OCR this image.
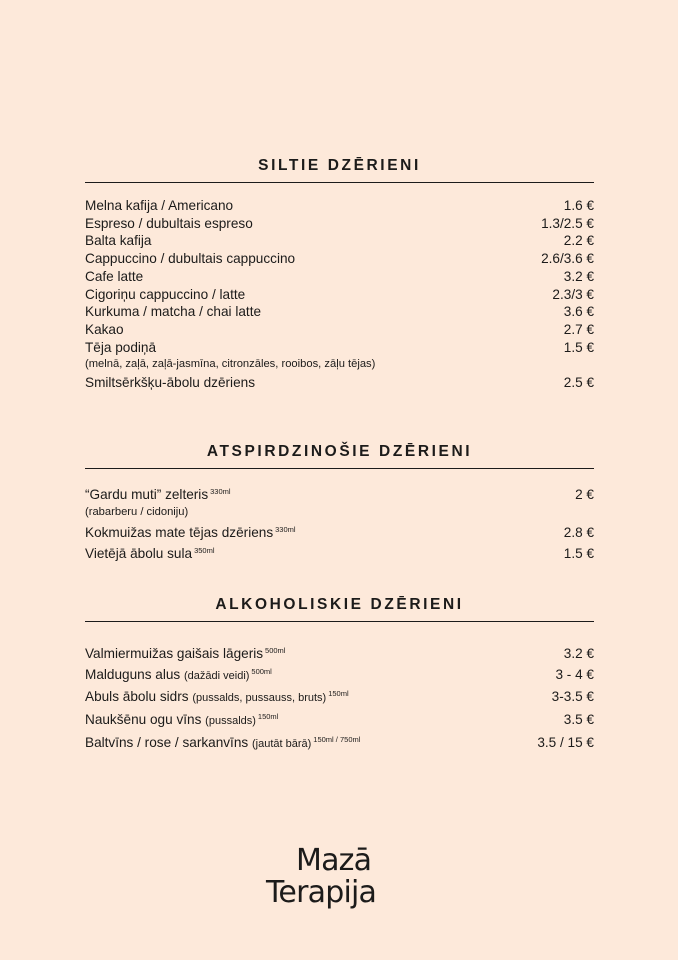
SILTIE DZĒRIENI
Melna kafija / Americano	1.6 €
Espreso / dubultais espreso	1.3/2.5 €
Balta kafija	2.2 €
Cappuccino / dubultais cappuccino	2.6/3.6 €
Cafe latte	3.2 €
Cigoriņu cappuccino / latte	2.3/3 €
Kurkuma / matcha / chai latte	3.6 €
Kakao	2.7 €
Tēja podiņā	1.5 €
(melnā, zaļā, zaļā-jasmīna, citronzāles, rooibos, zāļu tējas)
Smiltsērkšķu-ābolu dzēriens	2.5 €
ATSPIRDZINOŠIE DZĒRIENI
“Gardu muti” zelteris $^{330ml}$	2 €
(rabarberu / cidoniju)
Kokmuižas mate tējas dzēriens $^{330ml}$	2.8 €
Vietējā ābolu sula $^{350ml}$	1.5 €
ALKOHOLISKIE DZĒRIENI
Valmiermuižas gaišais lāgeris $^{500ml}$	3.2 €
Malduguns alus (dažādi veidi) $^{500ml}$	3 - 4 €
Abuls ābolu sidrs (pussalds, pussauss, bruts) $^{150ml}$	3-3.5 €
Naukšēnu ogu vīns (pussalds) $^{150ml}$	3.5 €
Baltvīns / rose / sarkanvīns (jautāt bārā) $^{150ml / 750ml}$	3.5 / 15 €
Mazā
Terapija
